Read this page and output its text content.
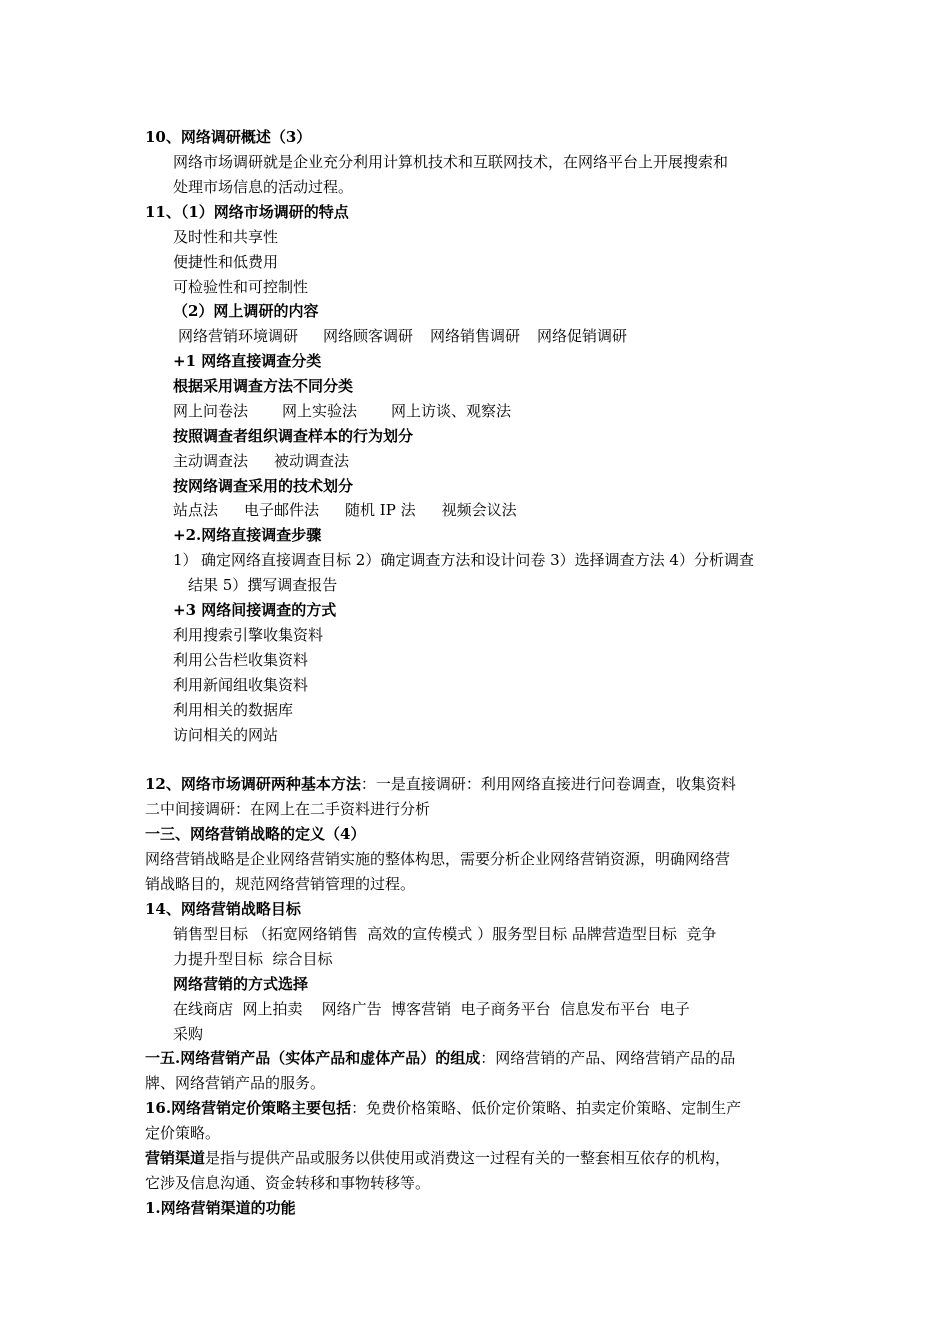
10、网络调研概述（3）
网络市场调研就是企业充分利用计算机技术和互联网技术，在网络平台上开展搜索和
处理市场信息的活动过程。
11、（1）网络市场调研的特点
及时性和共享性
便捷性和低费用
可检验性和可控制性
（2）网上调研的内容
网络营销环境调研 网络顾客调研 网络销售调研 网络促销调研
+1 网络直接调查分类
根据采用调查方法不同分类
网上问卷法 网上实验法 网上访谈、观察法
按照调查者组织调查样本的行为划分
主动调查法 被动调查法
按网络调查采用的技术划分
站点法 电子邮件法 随机 IP 法 视频会议法
+2.网络直接调查步骤
1） 确定网络直接调查目标 2）确定调查方法和设计问卷 3）选择调查方法 4）分析调查
结果 5）撰写调查报告
+3 网络间接调查的方式
利用搜索引擎收集资料
利用公告栏收集资料
利用新闻组收集资料
利用相关的数据库
访问相关的网站
12、网络市场调研两种基本方法：一是直接调研：利用网络直接进行问卷调查，收集资料
二中间接调研：在网上在二手资料进行分析
一三、网络营销战略的定义（4）
网络营销战略是企业网络营销实施的整体构思，需要分析企业网络营销资源，明确网络营
销战略目的，规范网络营销管理的过程。
14、网络营销战略目标
销售型目标 （拓宽网络销售  高效的宣传模式 ）服务型目标 品牌营造型目标  竞争
力提升型目标  综合目标
网络营销的方式选择
在线商店  网上拍卖    网络广告  博客营销  电子商务平台  信息发布平台  电子
采购
一五.网络营销产品（实体产品和虚体产品）的组成：网络营销的产品、网络营销产品的品
牌、网络营销产品的服务。
16.网络营销定价策略主要包括：免费价格策略、低价定价策略、拍卖定价策略、定制生产
定价策略。
营销渠道是指与提供产品或服务以供使用或消费这一过程有关的一整套相互依存的机构，
它涉及信息沟通、资金转移和事物转移等。
1.网络营销渠道的功能
